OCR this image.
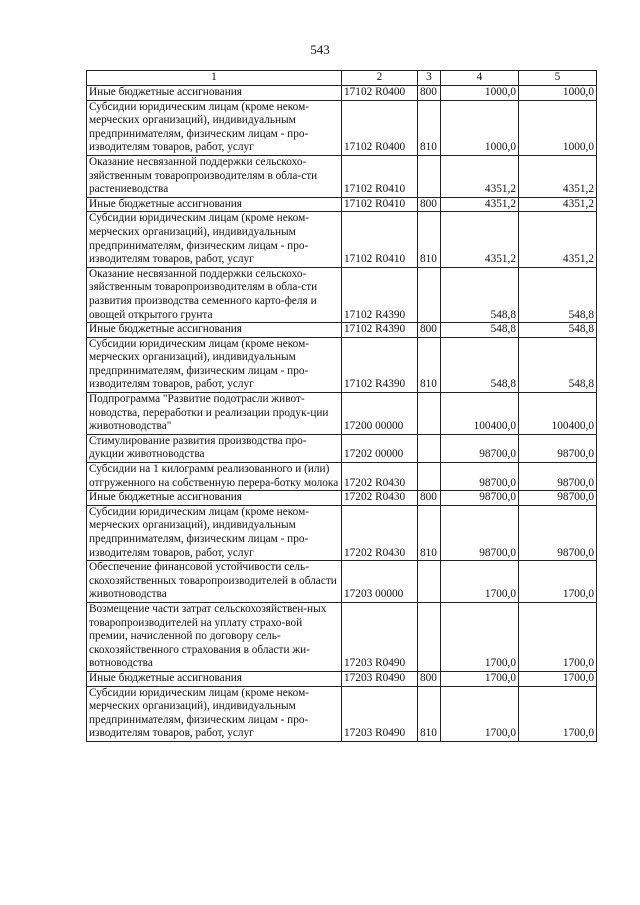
543
1	2	3	4	5
Иные бюджетные ассигнования	17102 R0400	800	1000,0	1000,0
Субсидии юридическим лицам (кроме неком-мерческих организаций), индивидуальным предпринимателям, физическим лицам - про-изводителям товаров, работ, услуг	17102 R0400	810	1000,0	1000,0
Оказание несвязанной поддержки сельскохо-зяйственным товаропроизводителям в обла-сти растениеводства	17102 R0410		4351,2	4351,2
Иные бюджетные ассигнования	17102 R0410	800	4351,2	4351,2
Субсидии юридическим лицам (кроме неком-мерческих организаций), индивидуальным предпринимателям, физическим лицам - про-изводителям товаров, работ, услуг	17102 R0410	810	4351,2	4351,2
Оказание несвязанной поддержки сельскохо-зяйственным товаропроизводителям в обла-сти развития производства семенного карто-феля и овощей открытого грунта	17102 R4390		548,8	548,8
Иные бюджетные ассигнования	17102 R4390	800	548,8	548,8
Субсидии юридическим лицам (кроме неком-мерческих организаций), индивидуальным предпринимателям, физическим лицам - про-изводителям товаров, работ, услуг	17102 R4390	810	548,8	548,8
Подпрограмма "Развитие подотрасли живот-новодства, переработки и реализации продук-ции животноводства"	17200 00000		100400,0	100400,0
Стимулирование развития производства про-дукции животноводства	17202 00000		98700,0	98700,0
Субсидии на 1 килограмм реализованного и (или) отгруженного на собственную перера-ботку молока	17202 R0430		98700,0	98700,0
Иные бюджетные ассигнования	17202 R0430	800	98700,0	98700,0
Субсидии юридическим лицам (кроме неком-мерческих организаций), индивидуальным предпринимателям, физическим лицам - про-изводителям товаров, работ, услуг	17202 R0430	810	98700,0	98700,0
Обеспечение финансовой устойчивости сель-скохозяйственных товаропроизводителей в области животноводства	17203 00000		1700,0	1700,0
Возмещение части затрат сельскохозяйствен-ных товаропроизводителей на уплату страхо-вой премии, начисленной по договору сель-скохозяйственного страхования в области жи-вотноводства	17203 R0490		1700,0	1700,0
Иные бюджетные ассигнования	17203 R0490	800	1700,0	1700,0
Субсидии юридическим лицам (кроме неком-мерческих организаций), индивидуальным предпринимателям, физическим лицам - про-изводителям товаров, работ, услуг	17203 R0490	810	1700,0	1700,0
